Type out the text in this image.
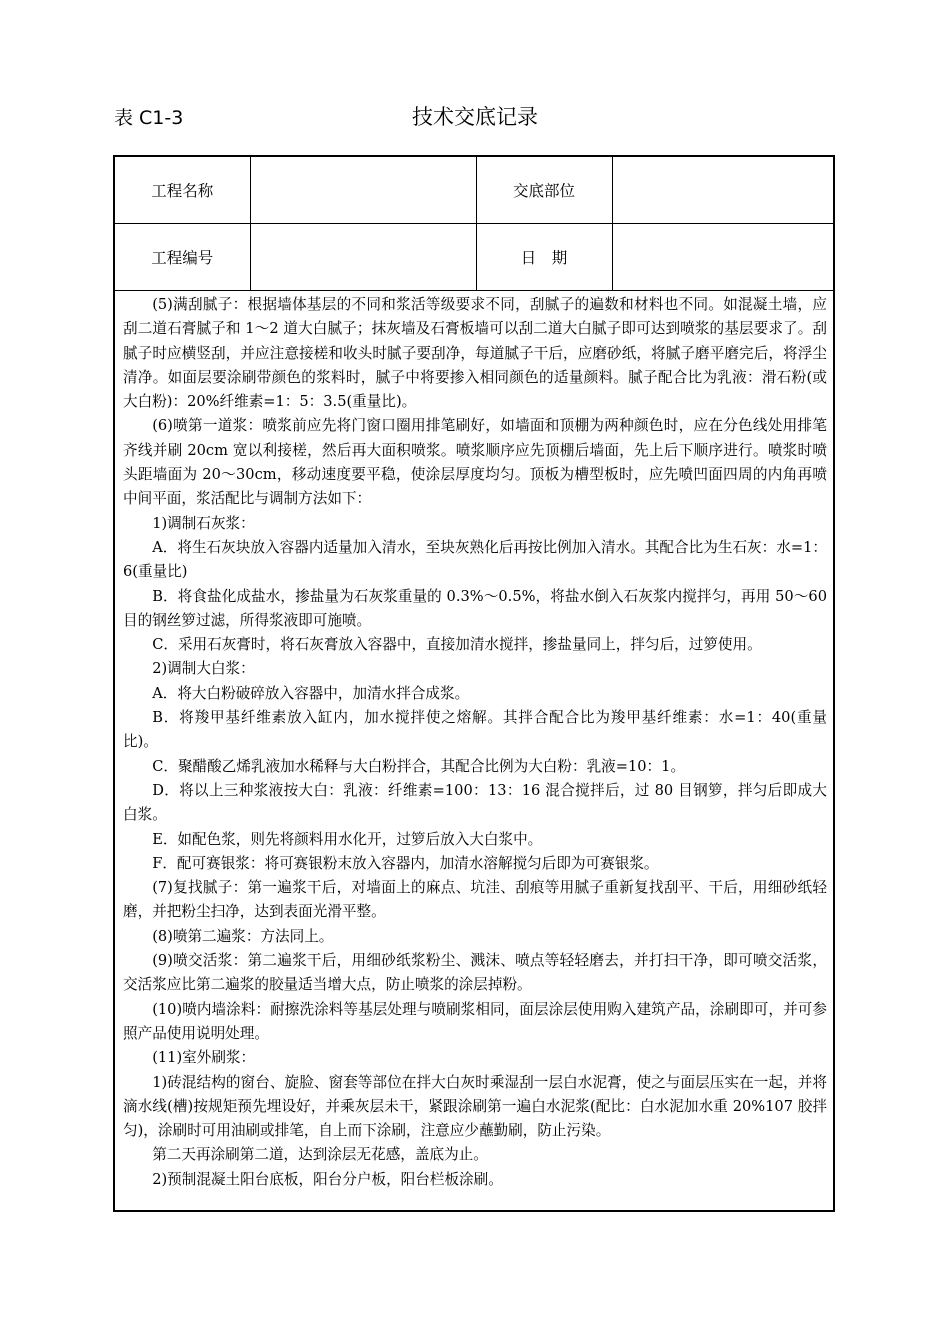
表 C1-3	技术交底记录
工程名称		交底部位	
工程编号		日　期	

(5)满刮腻子：根据墙体基层的不同和浆活等级要求不同，刮腻子的遍数和材料也不同。如混凝土墙，应刮二道石膏腻子和 1～2 道大白腻子；抹灰墙及石膏板墙可以刮二道大白腻子即可达到喷浆的基层要求了。刮腻子时应横竖刮，并应注意接槎和收头时腻子要刮净，每道腻子干后，应磨砂纸，将腻子磨平磨完后，将浮尘清净。如面层要涂刷带颜色的浆料时，腻子中将要掺入相同颜色的适量颜料。腻子配合比为乳液：滑石粉(或大白粉)：20%纤维素=1：5：3.5(重量比)。

(6)喷第一道浆：喷浆前应先将门窗口圈用排笔刷好，如墙面和顶棚为两种颜色时，应在分色线处用排笔齐线并刷 20cm 宽以利接槎，然后再大面积喷浆。喷浆顺序应先顶棚后墙面，先上后下顺序进行。喷浆时喷头距墙面为 20～30cm，移动速度要平稳，使涂层厚度均匀。顶板为槽型板时，应先喷凹面四周的内角再喷中间平面，浆活配比与调制方法如下：

1)调制石灰浆：

A．将生石灰块放入容器内适量加入清水，至块灰熟化后再按比例加入清水。其配合比为生石灰：水=1：6(重量比)

B．将食盐化成盐水，掺盐量为石灰浆重量的 0.3%～0.5%，将盐水倒入石灰浆内搅拌匀，再用 50～60 目的钢丝箩过滤，所得浆液即可施喷。

C．采用石灰膏时，将石灰膏放入容器中，直接加清水搅拌，掺盐量同上，拌匀后，过箩使用。

2)调制大白浆：

A．将大白粉破碎放入容器中，加清水拌合成浆。

B．将羧甲基纤维素放入缸内，加水搅拌使之熔解。其拌合配合比为羧甲基纤维素：水=1：40(重量比)。

C．聚醋酸乙烯乳液加水稀释与大白粉拌合，其配合比例为大白粉：乳液=10：1。

D．将以上三种浆液按大白：乳液：纤维素=100：13：16 混合搅拌后，过 80 目钢箩，拌匀后即成大白浆。

E．如配色浆，则先将颜料用水化开，过箩后放入大白浆中。

F．配可赛银浆：将可赛银粉末放入容器内，加清水溶解搅匀后即为可赛银浆。

(7)复找腻子：第一遍浆干后，对墙面上的麻点、坑洼、刮痕等用腻子重新复找刮平、干后，用细砂纸轻磨，并把粉尘扫净，达到表面光滑平整。

(8)喷第二遍浆：方法同上。

(9)喷交活浆：第二遍浆干后，用细砂纸浆粉尘、溅沫、喷点等轻轻磨去，并打扫干净，即可喷交活浆，交活浆应比第二遍浆的胶量适当增大点，防止喷浆的涂层掉粉。

(10)喷内墙涂料：耐擦洗涂料等基层处理与喷刷浆相同，面层涂层使用购入建筑产品，涂刷即可，并可参照产品使用说明处理。

(11)室外刷浆：

1)砖混结构的窗台、旋脸、窗套等部位在拌大白灰时乘湿刮一层白水泥膏，使之与面层压实在一起，并将滴水线(槽)按规矩预先埋设好，并乘灰层未干，紧跟涂刷第一遍白水泥浆(配比：白水泥加水重 20%107 胶拌匀)，涂刷时可用油刷或排笔，自上而下涂刷，注意应少蘸勤刷，防止污染。

第二天再涂刷第二道，达到涂层无花感，盖底为止。

2)预制混凝土阳台底板，阳台分户板，阳台栏板涂刷。
